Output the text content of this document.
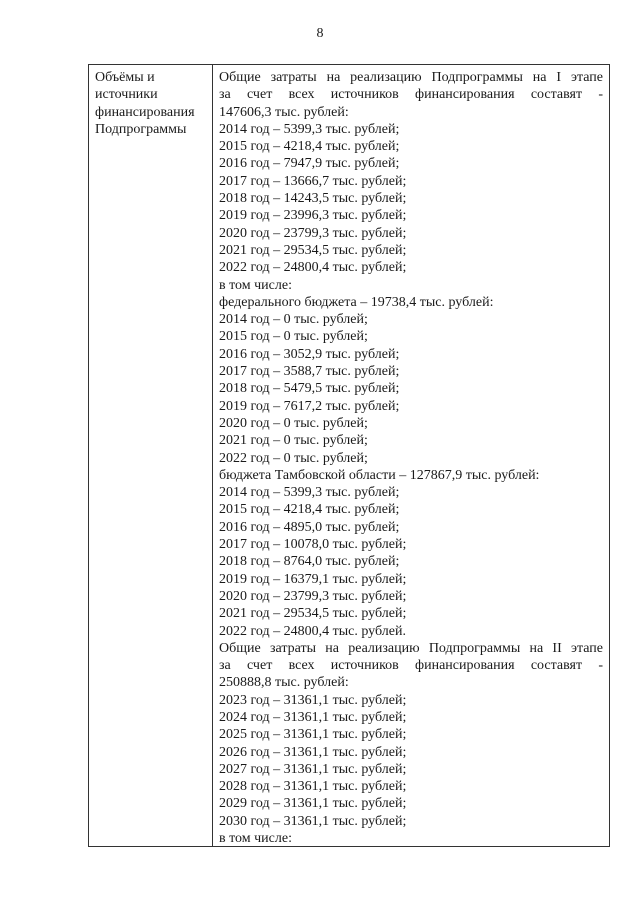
8
Объёмы и
источники
финансирования
Подпрограммы
Общие затраты на реализацию Подпрограммы на I этапе
за счет всех источников финансирования составят -
147606,3 тыс. рублей:
2014 год – 5399,3 тыс. рублей;
2015 год – 4218,4 тыс. рублей;
2016 год – 7947,9 тыс. рублей;
2017 год – 13666,7 тыс. рублей;
2018 год – 14243,5 тыс. рублей;
2019 год – 23996,3 тыс. рублей;
2020 год – 23799,3 тыс. рублей;
2021 год – 29534,5 тыс. рублей;
2022 год – 24800,4 тыс. рублей;
в том числе:
федерального бюджета – 19738,4 тыс. рублей:
2014 год – 0 тыс. рублей;
2015 год – 0 тыс. рублей;
2016 год – 3052,9 тыс. рублей;
2017 год – 3588,7 тыс. рублей;
2018 год – 5479,5 тыс. рублей;
2019 год – 7617,2 тыс. рублей;
2020 год – 0 тыс. рублей;
2021 год – 0 тыс. рублей;
2022 год – 0 тыс. рублей;
бюджета Тамбовской области – 127867,9 тыс. рублей:
2014 год – 5399,3 тыс. рублей;
2015 год – 4218,4 тыс. рублей;
2016 год – 4895,0 тыс. рублей;
2017 год – 10078,0 тыс. рублей;
2018 год – 8764,0 тыс. рублей;
2019 год – 16379,1 тыс. рублей;
2020 год – 23799,3 тыс. рублей;
2021 год – 29534,5 тыс. рублей;
2022 год – 24800,4 тыс. рублей.
Общие затраты на реализацию Подпрограммы на II этапе
за счет всех источников финансирования составят -
250888,8 тыс. рублей:
2023 год – 31361,1 тыс. рублей;
2024 год – 31361,1 тыс. рублей;
2025 год – 31361,1 тыс. рублей;
2026 год – 31361,1 тыс. рублей;
2027 год – 31361,1 тыс. рублей;
2028 год – 31361,1 тыс. рублей;
2029 год – 31361,1 тыс. рублей;
2030 год – 31361,1 тыс. рублей;
в том числе:
